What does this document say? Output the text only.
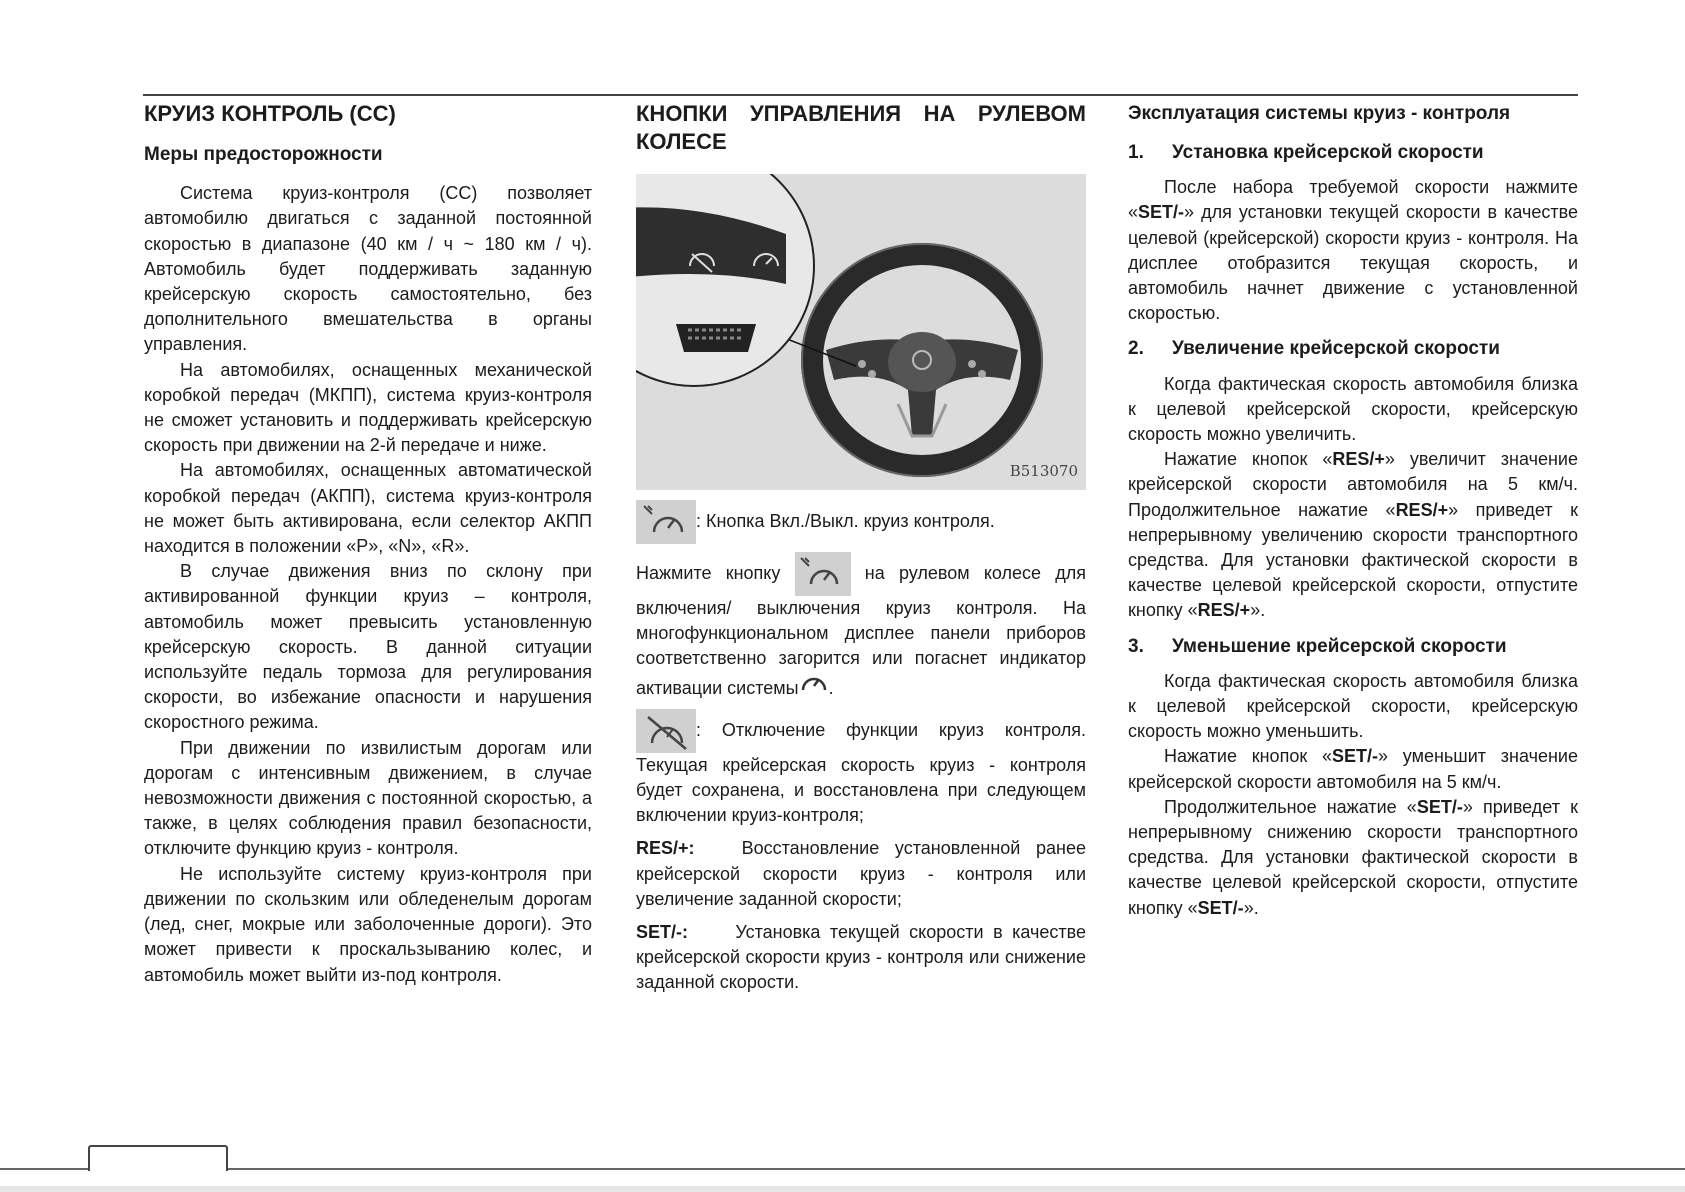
КРУИЗ КОНТРОЛЬ (CC)
Меры предосторожности

Система круиз-контроля (СС) позволяет автомобилю двигаться с заданной постоянной скоростью в диапазоне (40 км / ч ~ 180 км / ч). Автомобиль будет поддерживать заданную крейсерскую скорость самостоятельно, без дополнительного вмешательства в органы управления.

На автомобилях, оснащенных механической коробкой передач (МКПП), система круиз-контроля не сможет установить и поддерживать крейсерскую скорость при движении на 2-й передаче и ниже.

На автомобилях, оснащенных автоматической коробкой передач (АКПП), система круиз-контроля не может быть активирована, если селектор АКПП находится в положении «P», «N», «R».

В случае движения вниз по склону при активированной функции круиз – контроля, автомобиль может превысить установленную крейсерскую скорость. В данной ситуации используйте педаль тормоза для регулирования скорости, во избежание опасности и нарушения скоростного режима.

При движении по извилистым дорогам или дорогам с интенсивным движением, в случае невозможности движения с постоянной скоростью, а также, в целях соблюдения правил безопасности, отключите функцию круиз - контроля.

Не используйте систему круиз-контроля при движении по скользким или обледенелым дорогам (лед, снег, мокрые или заболоченные дороги). Это может привести к проскальзыванию колес, и автомобиль может выйти из-под контроля.

КНОПКИ УПРАВЛЕНИЯ НА РУЛЕВОМ
КОЛЕСЕ
B513070

: Кнопка Вкл./Выкл. круиз контроля.

Нажмите кнопку	на рулевом колесе для включения/ выключения круиз контроля. На многофункциональном дисплее панели приборов соответственно загорится или погаснет индикатор активации системы .

: Отключение функции круиз контроля. Текущая крейсерская скорость круиз - контроля будет сохранена, и восстановлена при следующем включении круиз-контроля;

RES/+:	Восстановление установленной ранее крейсерской скорости круиз - контроля или увеличение заданной скорости;

SET/-:	Установка текущей скорости в качестве крейсерской скорости круиз - контроля или снижение заданной скорости.

Эксплуатация системы круиз - контроля
1.	Установка крейсерской скорости

После набора требуемой скорости нажмите «SET/-» для установки текущей скорости в качестве целевой (крейсерской) скорости круиз - контроля. На дисплее отобразится текущая скорость, и автомобиль начнет движение с установленной скоростью.

2.	Увеличение крейсерской скорости

Когда фактическая скорость автомобиля близка к целевой крейсерской скорости, крейсерскую скорость можно увеличить.

Нажатие кнопок «RES/+» увеличит значение крейсерской скорости автомобиля на 5 км/ч. Продолжительное нажатие «RES/+» приведет к непрерывному увеличению скорости транспортного средства. Для установки фактической скорости в качестве целевой крейсерской скорости, отпустите кнопку «RES/+».

3.	Уменьшение крейсерской скорости

Когда фактическая скорость автомобиля близка к целевой крейсерской скорости, крейсерскую скорость можно уменьшить.

Нажатие кнопок «SET/-» уменьшит значение крейсерской скорости автомобиля на 5 км/ч.

Продолжительное нажатие «SET/-» приведет к непрерывному снижению скорости транспортного средства. Для установки фактической скорости в качестве целевой крейсерской скорости, отпустите кнопку «SET/-».
